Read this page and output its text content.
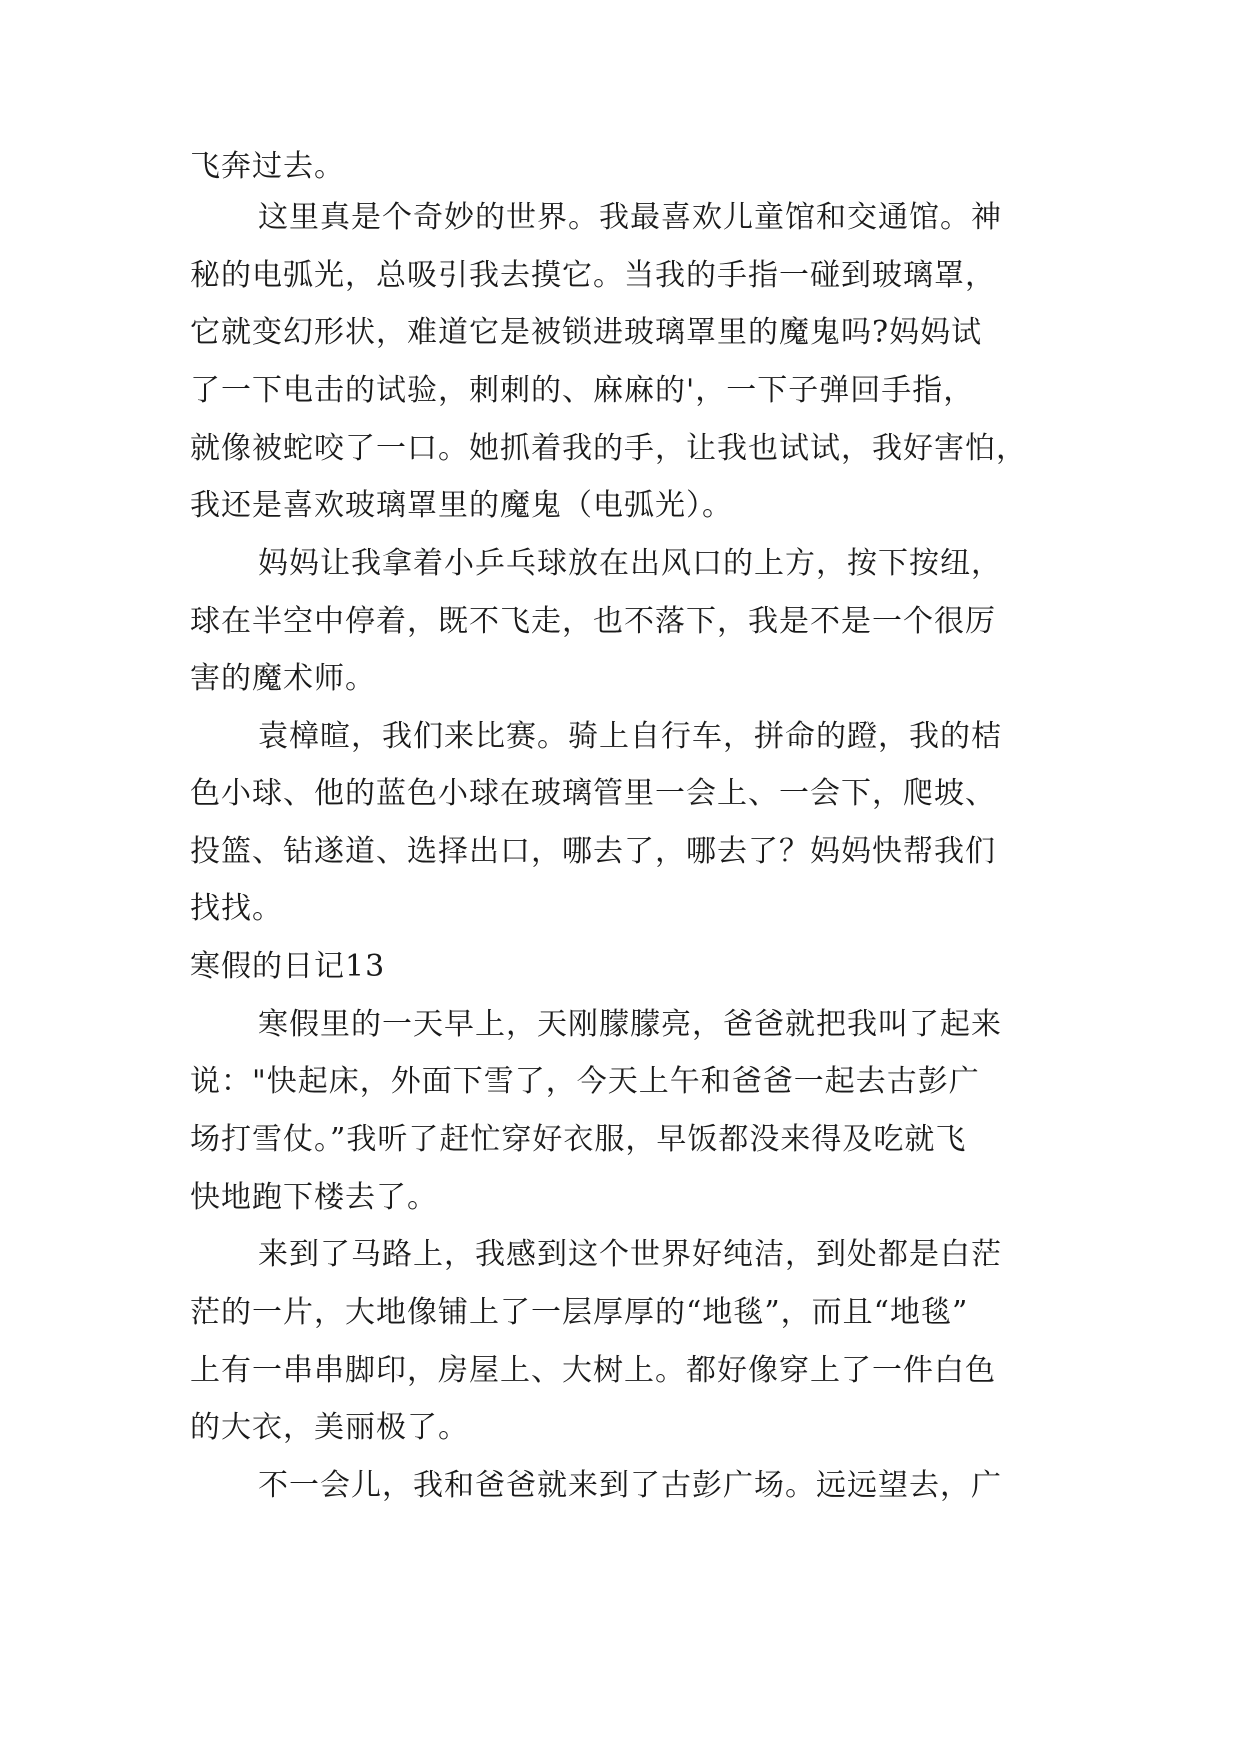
飞奔过去。
这里真是个奇妙的世界。我最喜欢儿童馆和交通馆。神
秘的电弧光，总吸引我去摸它。当我的手指一碰到玻璃罩，
它就变幻形状，难道它是被锁进玻璃罩里的魔鬼吗?妈妈试
了一下电击的试验，刺刺的、麻麻的'，一下子弹回手指，
就像被蛇咬了一口。她抓着我的手，让我也试试，我好害怕，
我还是喜欢玻璃罩里的魔鬼（电弧光）。
妈妈让我拿着小乒乓球放在出风口的上方，按下按纽，
球在半空中停着，既不飞走，也不落下，我是不是一个很厉
害的魔术师。
袁樟暄，我们来比赛。骑上自行车，拼命的蹬，我的桔
色小球、他的蓝色小球在玻璃管里一会上、一会下，爬坡、
投篮、钻遂道、选择出口，哪去了，哪去了？妈妈快帮我们
找找。
寒假的日记13
寒假里的一天早上，天刚朦朦亮，爸爸就把我叫了起来
说："快起床，外面下雪了，今天上午和爸爸一起去古彭广
场打雪仗。”我听了赶忙穿好衣服，早饭都没来得及吃就飞
快地跑下楼去了。
来到了马路上，我感到这个世界好纯洁，到处都是白茫
茫的一片，大地像铺上了一层厚厚的“地毯”，而且“地毯”
上有一串串脚印，房屋上、大树上。都好像穿上了一件白色
的大衣，美丽极了。
不一会儿，我和爸爸就来到了古彭广场。远远望去，广
